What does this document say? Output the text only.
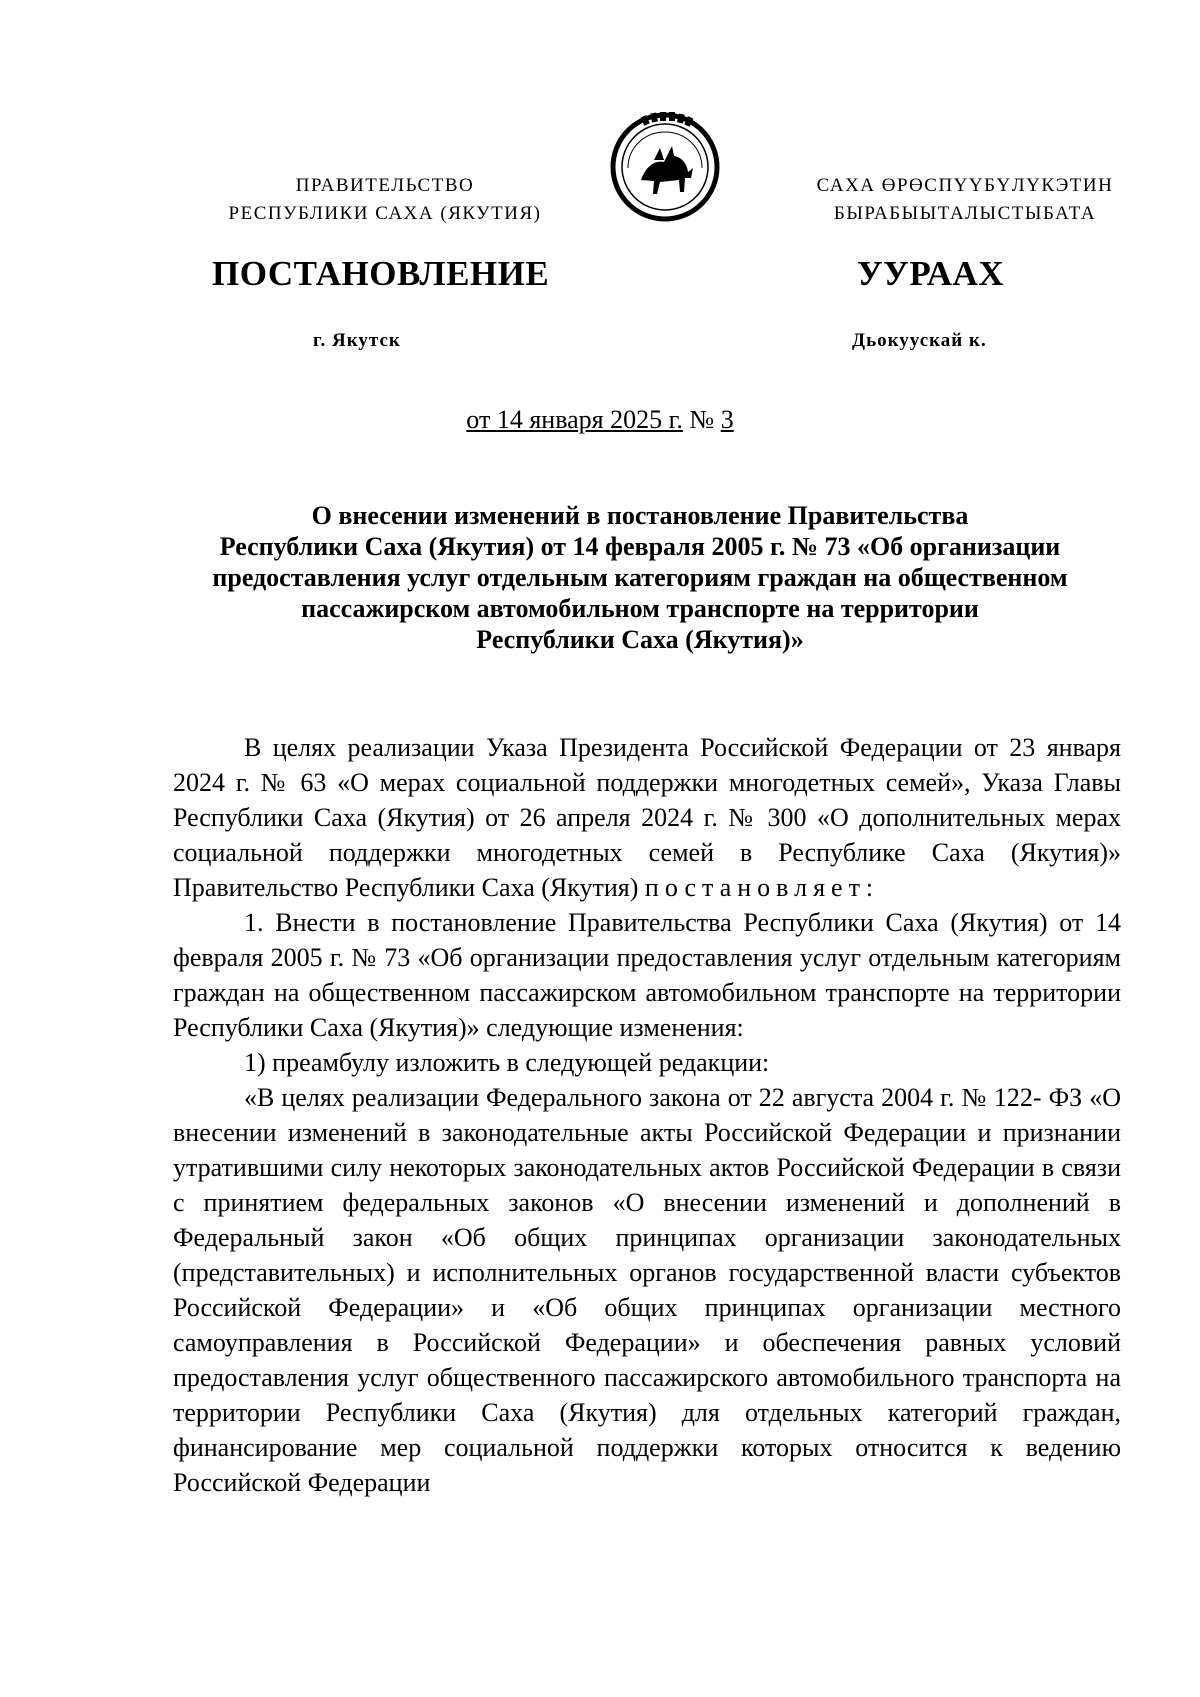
ПРАВИТЕЛЬСТВО
РЕСПУБЛИКИ САХА (ЯКУТИЯ)
САХА ӨРӨСПҮҮБҮЛҮКЭТИН
БЫРАБЫЫТАЛЫСТЫБАТА
ПОСТАНОВЛЕНИЕ	УУРААХ
г. Якутск	Дьокуускай к.
от 14 января 2025 г. № 3
О внесении изменений в постановление Правительства
Республики Саха (Якутия) от 14 февраля 2005 г. № 73 «Об организации
предоставления услуг отдельным категориям граждан на общественном
пассажирском автомобильном транспорте на территории
Республики Саха (Якутия)»

В целях реализации Указа Президента Российской Федерации от 23 января 2024 г. № 63 «О мерах социальной поддержки многодетных семей», Указа Главы Республики Саха (Якутия) от 26 апреля 2024 г. № 300 «О дополнительных мерах социальной поддержки многодетных семей в Республике Саха (Якутия)» Правительство Республики Саха (Якутия) постановляет:

1. Внести в постановление Правительства Республики Саха (Якутия) от 14 февраля 2005 г. № 73 «Об организации предоставления услуг отдельным категориям граждан на общественном пассажирском автомобильном транспорте на территории Республики Саха (Якутия)» следующие изменения:

1) преамбулу изложить в следующей редакции:

«В целях реализации Федерального закона от 22 августа 2004 г. № 122- ФЗ «О внесении изменений в законодательные акты Российской Федерации и признании утратившими силу некоторых законодательных актов Российской Федерации в связи с принятием федеральных законов «О внесении изменений и дополнений в Федеральный закон «Об общих принципах организации законодательных (представительных) и исполнительных органов государственной власти субъектов Российской Федерации» и «Об общих принципах организации местного самоуправления в Российской Федерации» и обеспечения равных условий предоставления услуг общественного пассажирского автомобильного транспорта на территории Республики Саха (Якутия) для отдельных категорий граждан, финансирование мер социальной поддержки которых относится к ведению Российской Федерации
